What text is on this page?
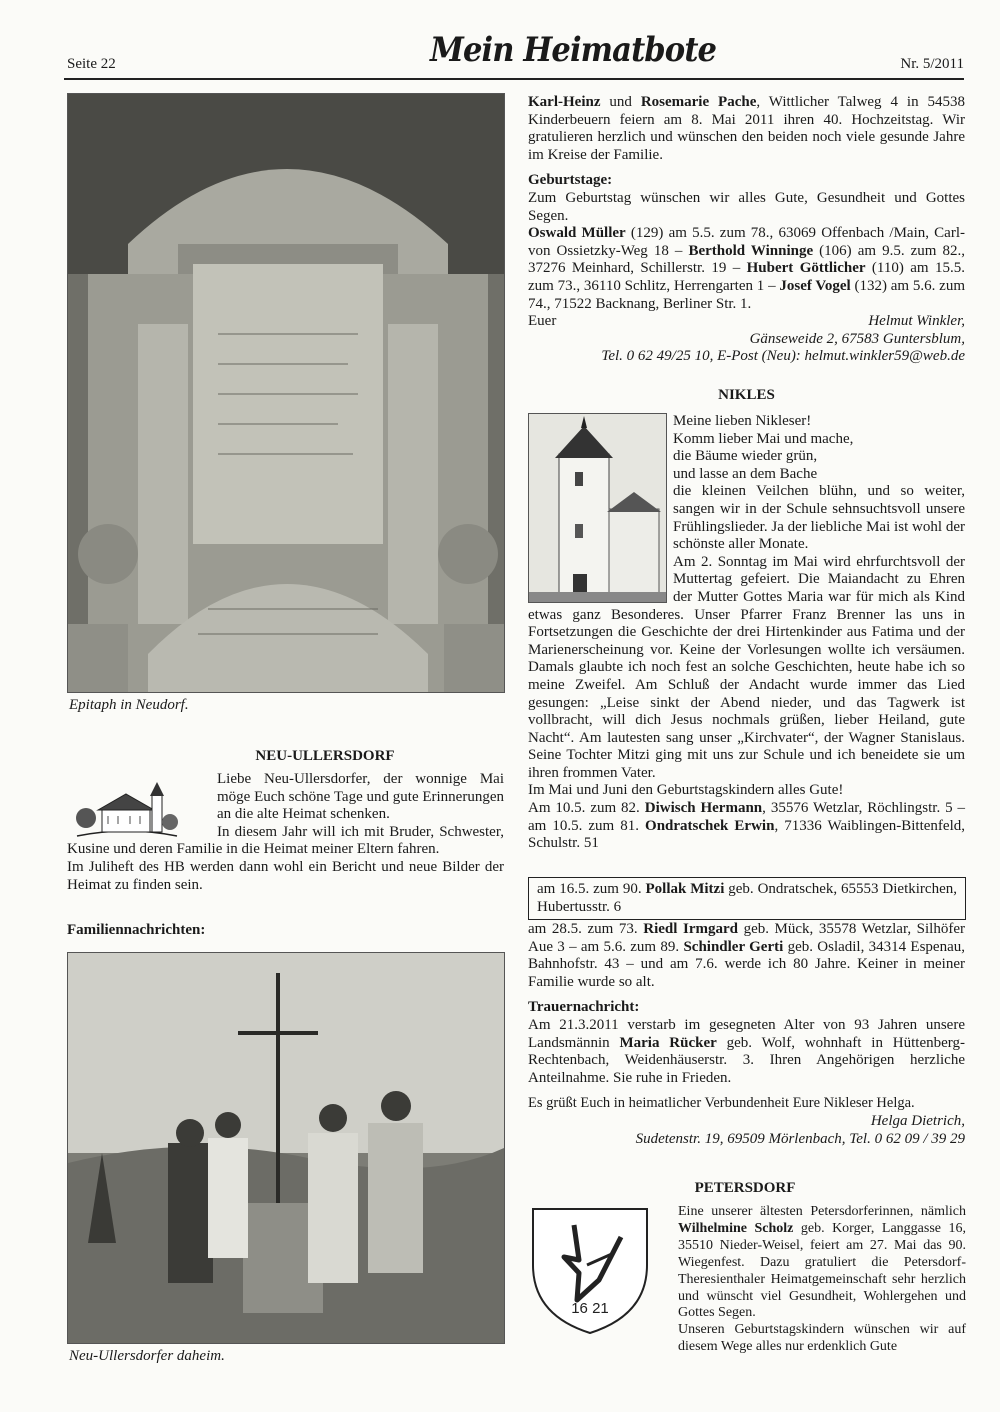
Seite 22	Mein Heimatbote	Nr. 5/2011
Epitaph in Neudorf.
NEU-ULLERSDORF

Liebe Neu-Ullersdorfer, der wonnige Mai möge Euch schöne Tage und gute Erinnerungen an die alte Heimat schenken.

In diesem Jahr will ich mit Bruder, Schwester, Kusine und deren Familie in die Heimat meiner Eltern fahren.

Im Juliheft des HB werden dann wohl ein Bericht und neue Bilder der Heimat zu finden sein.

Familiennachrichten:
Neu-Ullersdorfer daheim.

Karl-Heinz und Rosemarie Pache, Wittlicher Talweg 4 in 54538 Kinderbeuern feiern am 8. Mai 2011 ihren 40. Hochzeitstag. Wir gratulieren herzlich und wünschen den beiden noch viele gesunde Jahre im Kreise der Familie.

Geburtstage:

Zum Geburtstag wünschen wir alles Gute, Gesundheit und Gottes Segen.

Oswald Müller (129) am 5.5. zum 78., 63069 Offenbach /Main, Carl-von Ossietzky-Weg 18 – Berthold Winninge (106) am 9.5. zum 82., 37276 Meinhard, Schillerstr. 19 – Hubert Göttlicher (110) am 15.5. zum 73., 36110 Schlitz, Herrengarten 1 – Josef Vogel (132) am 5.6. zum 74., 71522 Backnang, Berliner Str. 1.

Euer	Helmut Winkler,

Gänseweide 2, 67583 Guntersblum,

Tel. 0 62 49/25 10, E-Post (Neu): helmut.winkler59@web.de

NIKLES

Meine lieben Nikleser!

Komm lieber Mai und mache,

die Bäume wieder grün,

und lasse an dem Bache

die kleinen Veilchen blühn, und so weiter, sangen wir in der Schule sehnsuchtsvoll unsere Frühlingslieder. Ja der liebliche Mai ist wohl der schönste aller Monate.

Am 2. Sonntag im Mai wird ehrfurchtsvoll der Muttertag gefeiert. Die Maiandacht zu Ehren der Mutter Gottes Maria war für mich als Kind etwas ganz Besonderes. Unser Pfarrer Franz Brenner las uns in Fortsetzungen die Geschichte der drei Hirtenkinder aus Fatima und der Marienerscheinung vor. Keine der Vorlesungen wollte ich versäumen. Damals glaubte ich noch fest an solche Geschichten, heute habe ich so meine Zweifel. Am Schluß der Andacht wurde immer das Lied gesungen: „Leise sinkt der Abend nieder, und das Tagwerk ist vollbracht, will dich Jesus nochmals grüßen, lieber Heiland, gute Nacht“. Am lautesten sang unser „Kirchvater“, der Wagner Stanislaus. Seine Tochter Mitzi ging mit uns zur Schule und ich beneidete sie um ihren frommen Vater.

Im Mai und Juni den Geburtstagskindern alles Gute!

Am 10.5. zum 82. Diwisch Hermann, 35576 Wetzlar, Röchlingstr. 5 – am 10.5. zum 81. Ondratschek Erwin, 71336 Waiblingen-Bittenfeld, Schulstr. 51

am 16.5. zum 90. Pollak Mitzi geb. Ondratschek, 65553 Dietkirchen, Hubertusstr. 6

am 28.5. zum 73. Riedl Irmgard geb. Mück, 35578 Wetzlar, Silhöfer Aue 3 – am 5.6. zum 89. Schindler Gerti geb. Osladil, 34314 Espenau, Bahnhofstr. 43 – und am 7.6. werde ich 80 Jahre. Keiner in meiner Familie wurde so alt.

Trauernachricht:

Am 21.3.2011 verstarb im gesegneten Alter von 93 Jahren unsere Landsmännin Maria Rücker geb. Wolf, wohnhaft in Hüttenberg-Rechtenbach, Weidenhäuserstr. 3. Ihren Angehörigen herzliche Anteilnahme. Sie ruhe in Frieden.

Es grüßt Euch in heimatlicher Verbundenheit Eure Nikleser Helga.

Helga Dietrich,

Sudetenstr. 19, 69509 Mörlenbach, Tel. 0 62 09 / 39 29

PETERSDORF
16 21

Eine unserer ältesten Petersdorferinnen, nämlich Wilhelmine Scholz geb. Korger, Langgasse 16, 35510 Nieder-Weisel, feiert am 27. Mai das 90. Wiegenfest. Dazu gratuliert die Petersdorf-Theresienthaler Heimatgemeinschaft sehr herzlich und wünscht viel Gesundheit, Wohlergehen und Gottes Segen.

Unseren Geburtstagskindern wünschen wir auf diesem Wege alles nur erdenklich Gute
